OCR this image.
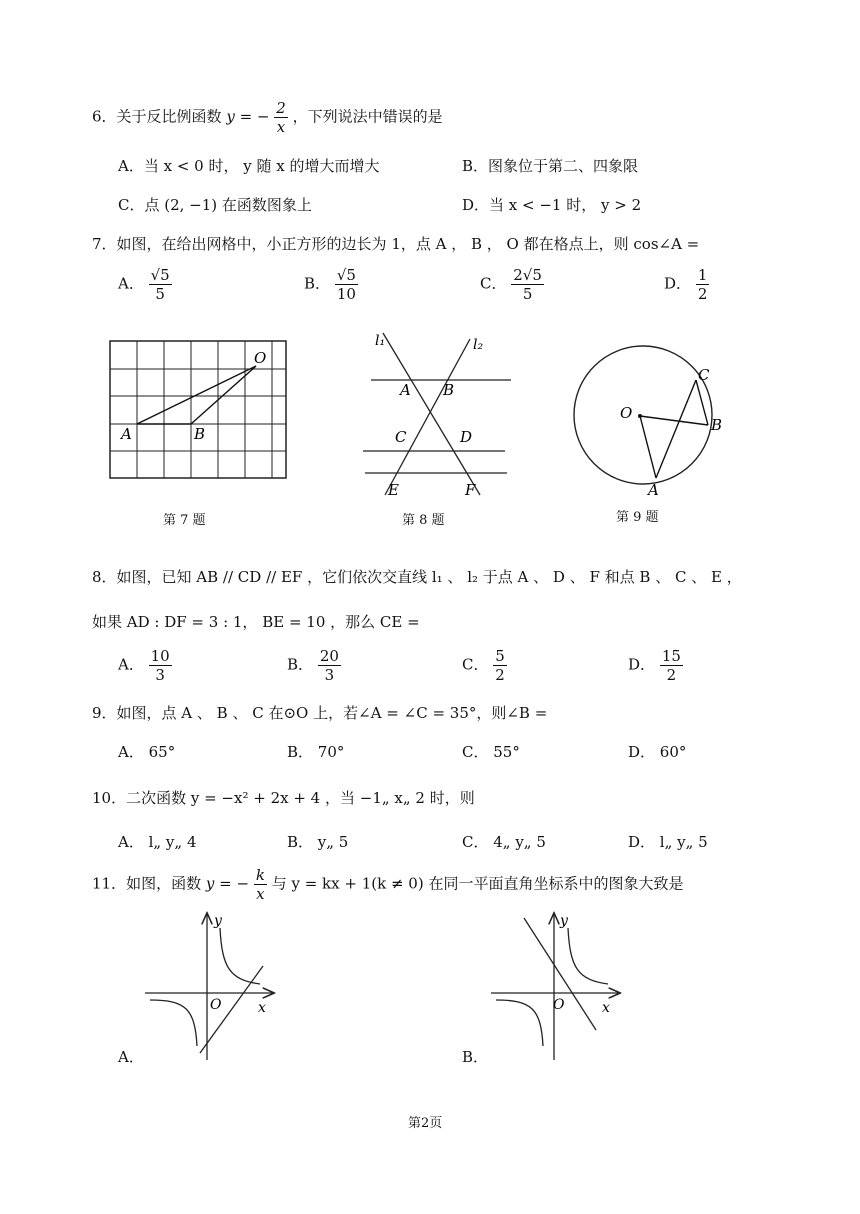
6．关于反比例函数 y = − $\frac{2}{x}$ ，下列说法中错误的是
A．当 x < 0 时， y 随 x 的增大而增大	B．图象位于第二、四象限
C．点 (2, −1) 在函数图象上	D．当 x < −1 时， y > 2
7．如图，在给出网格中，小正方形的边长为 1，点 A ， B ， O 都在格点上，则 cos∠A =
A． $\frac{√5}{5}$	B． $\frac{√5}{10}$	C． $\frac{2√5}{5}$	D． $\frac{1}{2}$
O
A	B
第 7 题
l₁	l₂
A B
C	D
E	F
第 8 题
O
C
B
A
第 9 题
8．如图，已知 AB // CD // EF ，它们依次交直线 l₁ 、 l₂ 于点 A 、 D 、 F 和点 B 、 C 、 E ，
如果 AD : DF = 3 : 1， BE = 10 ，那么 CE =
A． $\frac{10}{3}$	B． $\frac{20}{3}$	C． $\frac{5}{2}$	D． $\frac{15}{2}$
9．如图，点 A 、 B 、 C 在⊙O 上，若∠A = ∠C = 35°，则∠B =
A． 65°	B． 70°	C． 55°	D． 60°
10．二次函数 y = −x² + 2x + 4 ，当 −1„ x„ 2 时，则
A． l„ y„ 4	B． y„ 5	C． 4„ y„ 5	D． l„ y„ 5
11．如图，函数 y = − $\frac{k}{x}$ 与 y = kx + 1(k ≠ 0) 在同一平面直角坐标系中的图象大致是
y
x
O
A．
y
x
O
B．
第2页
